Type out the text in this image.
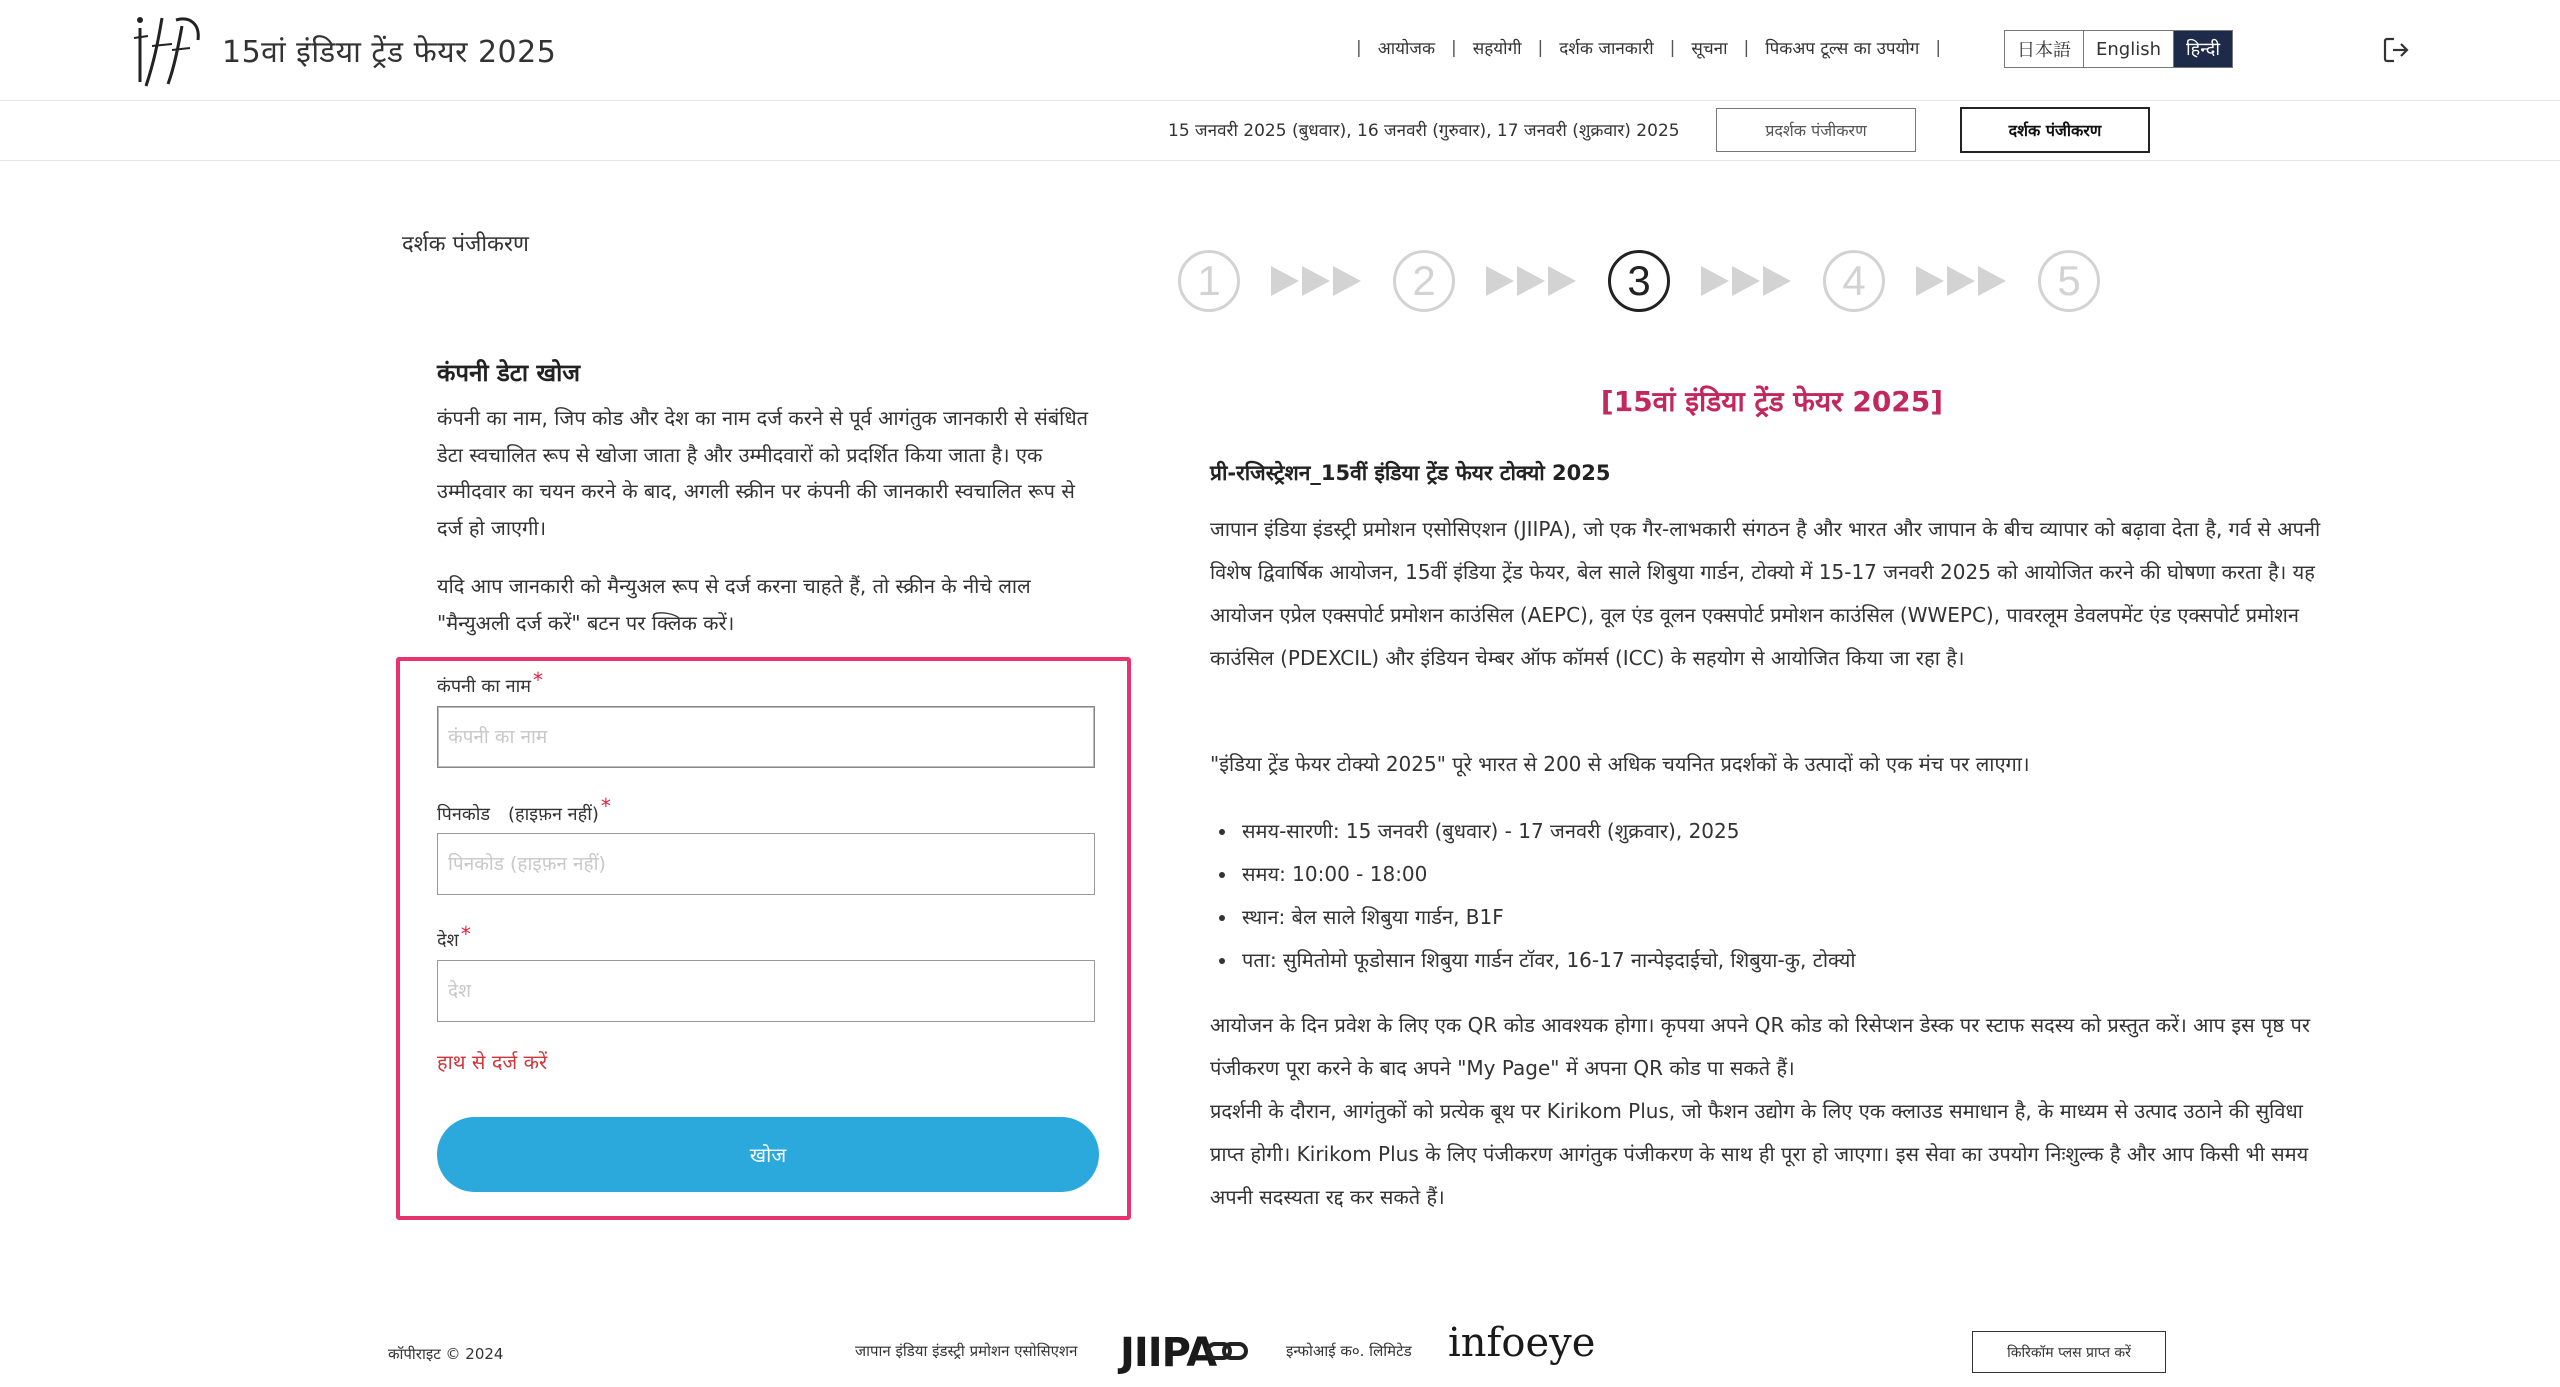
15वां इंडिया ट्रेंड फेयर 2025	| आयोजक | सहयोगी | दर्शक जानकारी | सूचना | पिकअप टूल्स का उपयोग |	日本語	English	हिन्दी
15 जनवरी 2025 (बुधवार), 16 जनवरी (गुरुवार), 17 जनवरी (शुक्रवार) 2025	प्रदर्शक पंजीकरण	दर्शक पंजीकरण
दर्शक पंजीकरण
कंपनी डेटा खोज
कंपनी का नाम, जिप कोड और देश का नाम दर्ज करने से पूर्व आगंतुक जानकारी से संबंधित डेटा स्वचालित रूप से खोजा जाता है और उम्मीदवारों को प्रदर्शित किया जाता है। एक उम्मीदवार का चयन करने के बाद, अगली स्क्रीन पर कंपनी की जानकारी स्वचालित रूप से दर्ज हो जाएगी।
यदि आप जानकारी को मैन्युअल रूप से दर्ज करना चाहते हैं, तो स्क्रीन के नीचे लाल "मैन्युअली दर्ज करें" बटन पर क्लिक करें।
कंपनी का नाम *
कंपनी का नाम
पिनकोड　(हाइफ़न नहीं) *
पिनकोड (हाइफ़न नहीं)
देश *
देश
हाथ से दर्ज करें
खोज
1	2	3	4	5
[15वां इंडिया ट्रेंड फेयर 2025]
प्री-रजिस्ट्रेशन_15वीं इंडिया ट्रेंड फेयर टोक्यो 2025
जापान इंडिया इंडस्ट्री प्रमोशन एसोसिएशन (JIIPA), जो एक गैर-लाभकारी संगठन है और भारत और जापान के बीच व्यापार को बढ़ावा देता है, गर्व से अपनी विशेष द्विवार्षिक आयोजन, 15वीं इंडिया ट्रेंड फेयर, बेल साले शिबुया गार्डन, टोक्यो में 15-17 जनवरी 2025 को आयोजित करने की घोषणा करता है। यह आयोजन एप्रेल एक्सपोर्ट प्रमोशन काउंसिल (AEPC), वूल एंड वूलन एक्सपोर्ट प्रमोशन काउंसिल (WWEPC), पावरलूम डेवलपमेंट एंड एक्सपोर्ट प्रमोशन काउंसिल (PDEXCIL) और इंडियन चेम्बर ऑफ कॉमर्स (ICC) के सहयोग से आयोजित किया जा रहा है।
"इंडिया ट्रेंड फेयर टोक्यो 2025" पूरे भारत से 200 से अधिक चयनित प्रदर्शकों के उत्पादों को एक मंच पर लाएगा।
• समय-सारणी: 15 जनवरी (बुधवार) - 17 जनवरी (शुक्रवार), 2025
• समय: 10:00 - 18:00
• स्थान: बेल साले शिबुया गार्डन, B1F
• पता: सुमितोमो फूडोसान शिबुया गार्डन टॉवर, 16-17 नान्पेइदाईचो, शिबुया-कु, टोक्यो
आयोजन के दिन प्रवेश के लिए एक QR कोड आवश्यक होगा। कृपया अपने QR कोड को रिसेप्शन डेस्क पर स्टाफ सदस्य को प्रस्तुत करें। आप इस पृष्ठ पर पंजीकरण पूरा करने के बाद अपने "My Page" में अपना QR कोड पा सकते हैं।
प्रदर्शनी के दौरान, आगंतुकों को प्रत्येक बूथ पर Kirikom Plus, जो फैशन उद्योग के लिए एक क्लाउड समाधान है, के माध्यम से उत्पाद उठाने की सुविधा प्राप्त होगी। Kirikom Plus के लिए पंजीकरण आगंतुक पंजीकरण के साथ ही पूरा हो जाएगा। इस सेवा का उपयोग निःशुल्क है और आप किसी भी समय अपनी सदस्यता रद्द कर सकते हैं।
कॉपीराइट © 2024	जापान इंडिया इंडस्ट्री प्रमोशन एसोसिएशन JIIPA	इन्फोआई क०. लिमिटेड infoeye	किरिकॉम प्लस प्राप्त करें
